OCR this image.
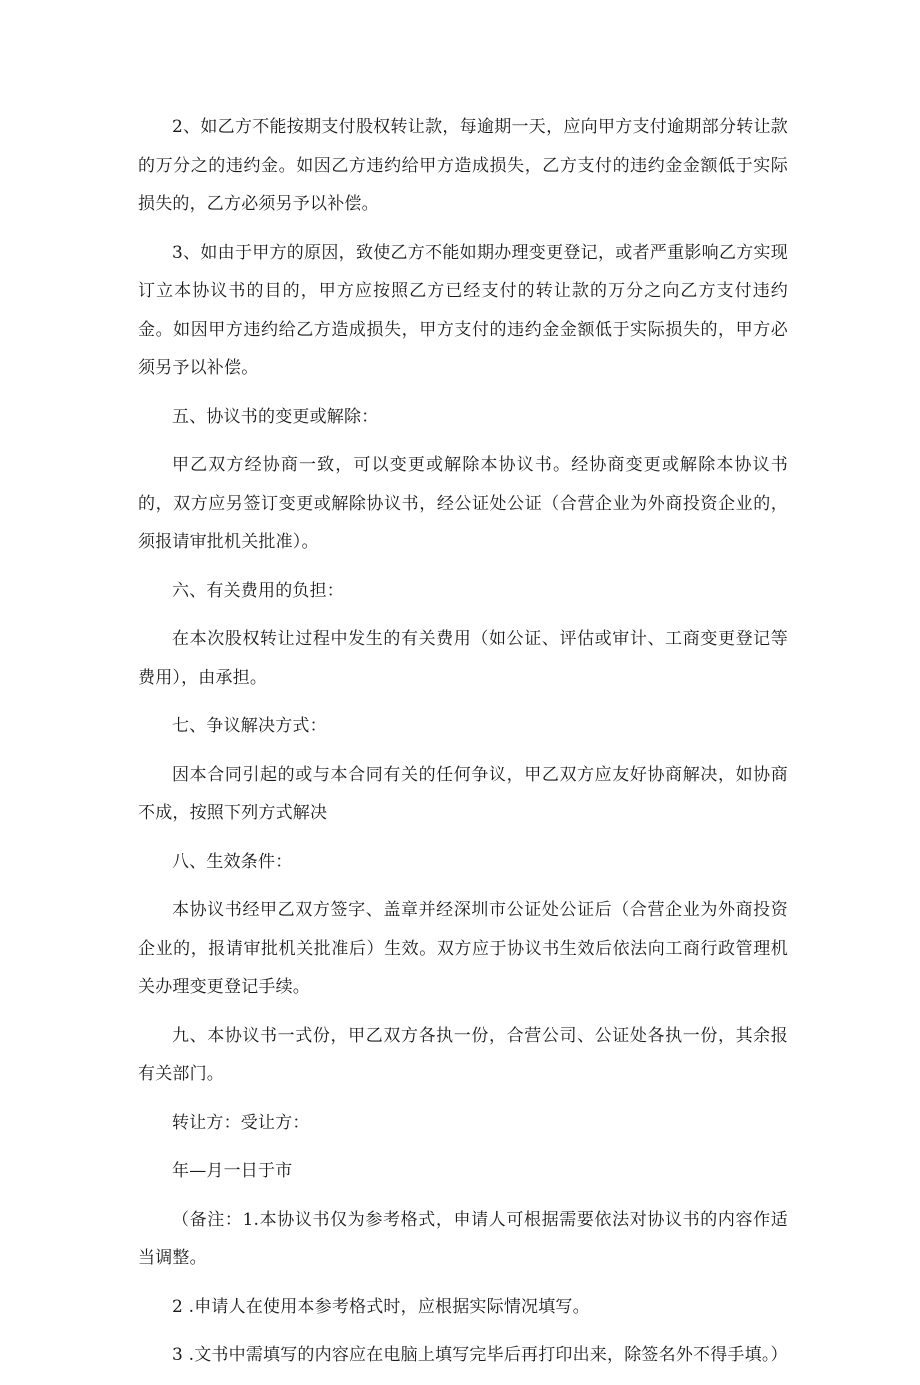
2、如乙方不能按期支付股权转让款，每逾期一天，应向甲方支付逾期部分转让款的万分之的违约金。如因乙方违约给甲方造成损失，乙方支付的违约金金额低于实际损失的，乙方必须另予以补偿。

3、如由于甲方的原因，致使乙方不能如期办理变更登记，或者严重影响乙方实现订立本协议书的目的，甲方应按照乙方已经支付的转让款的万分之向乙方支付违约金。如因甲方违约给乙方造成损失，甲方支付的违约金金额低于实际损失的，甲方必须另予以补偿。

五、协议书的变更或解除：

甲乙双方经协商一致，可以变更或解除本协议书。经协商变更或解除本协议书的，双方应另签订变更或解除协议书，经公证处公证（合营企业为外商投资企业的，须报请审批机关批准）。

六、有关费用的负担：

在本次股权转让过程中发生的有关费用（如公证、评估或审计、工商变更登记等费用），由承担。

七、争议解决方式：

因本合同引起的或与本合同有关的任何争议，甲乙双方应友好协商解决，如协商不成，按照下列方式解决

八、生效条件：

本协议书经甲乙双方签字、盖章并经深圳市公证处公证后（合营企业为外商投资企业的，报请审批机关批准后）生效。双方应于协议书生效后依法向工商行政管理机关办理变更登记手续。

九、本协议书一式份，甲乙双方各执一份，合营公司、公证处各执一份，其余报有关部门。

转让方：受让方：

年—月一日于市

（备注：1.本协议书仅为参考格式，申请人可根据需要依法对协议书的内容作适当调整。

2 .申请人在使用本参考格式时，应根据实际情况填写。

3 .文书中需填写的内容应在电脑上填写完毕后再打印出来，除签名外不得手填。）
